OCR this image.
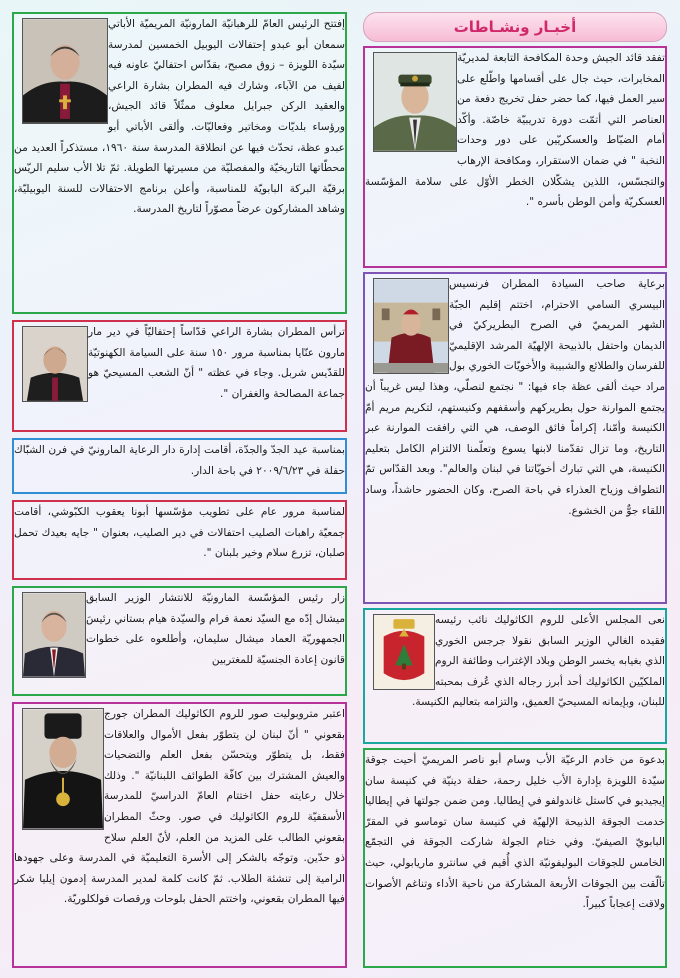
أخبـار ونشـاطات

تفقد قائد الجيش وحدة المكافحة التابعة لمديريّة المخابرات، حيث جال على أقسامها واطّلع على سير العمل فيها، كما حضر حفل تخريج دفعة من العناصر التي أتمّت دورة تدريبيّة خاصّة. وأكّد أمام الضبّاط والعسكريّين على دور وحدات النخبة " في ضمان الاستقرار، ومكافحة الإرهاب والتجسّس، اللذين يشكّلان الخطر الأوّل على سلامة المؤسّسة العسكريّة وأمن الوطن بأسره ".

برعاية صاحب السيادة المطران فرنسيس البيسري السامي الاحترام، اختتم إقليم الجبّة الشهر المريميّ في الصرح البطريركيّ في الديمان واحتفل بالذبيحة الإلهيّة المرشد الإقليميّ للفرسان والطلائع والشبيبة والأخويّات الخوري بول مراد حيث ألقى عظة جاء فيها: " نجتمع لنصلّي، وهذا ليس غريباً أن يجتمع الموارنة حول بطريركهم وأسقفهم وكنيستهم، لتكريم مريم أمّ الكنيسة وأمّنا، إكراماً فائق الوصف، هي التي رافقت الموارنة عبر التاريخ، وما تزال تقدّمنا لابنها يسوع وتعلّمنا الالتزام الكامل بتعليم الكنيسة، هي التي تبارك أخويّاتنا في لبنان والعالم". وبعد القدّاس تمّ التطواف وزياح العذراء في باحة الصرح، وكان الحضور حاشداً، وساد اللقاء جوٌّ من الخشوع.

نعى المجلس الأعلى للروم الكاثوليك نائب رئيسه فقيده الغالي الوزير السابق نقولا جرجس الخوري الذي بغيابه يخسر الوطن وبلاد الإغتراب وطائفة الروم الملكيّين الكاثوليك أحد أبرز رجاله الذي عُرف بمحبته للبنان، وبإيمانه المسيحيّ العميق، والتزامه بتعاليم الكنيسة.

بدعوة من خادم الرعيّة الأب وسام أبو ناصر المريميّ أحيت جوقة سيّدة اللويزة بإدارة الأب خليل رحمة، حفلة دينيّة في كنيسة سان إيجيديو في كاستل غاندولفو في إيطاليا. ومن ضمن جولتها في إيطاليا خدمت الجوقة الذبيحة الإلهيّة في كنيسة سان توماسو في المقرّ البابويّ الصيفيّ. وفي ختام الجولة شاركت الجوقة في التجمّع الخامس للجوقات البوليفونيّة الذي أُقيم في سانترو ماريابولي، حيث تألّقت بين الجوقات الأربعة المشاركة من ناحية الأداء وتناغم الأصوات ولاقت إعجاباً كبيراً.

إفتتح الرئيس العامّ للرهبانيّة المارونيّة المريميّة الأباتي سمعان أبو عبدو إحتفالات اليوبيل الخمسين لمدرسة سيّدة اللويزة – زوق مصبح، بقدّاس احتفاليّ عاونه فيه لفيف من الآباء، وشارك فيه المطران بشارة الراعي والعقيد الركن جبرايل معلوف ممثّلاً قائد الجيش، ورؤساء بلديّات ومخاتير وفعاليّات. وألقى الأباتي أبو عبدو عظة، تحدّث فيها عن انطلاقة المدرسة سنة ١٩٦٠، مستذكراً العديد من محطّاتها التاريخيّة والمفصليّة من مسيرتها الطويلة. ثمّ تلا الأب سليم الريّس برقيّة البركة البابويّة للمناسبة، وأعلن برنامج الاحتفالات للسنة اليوبيليّة، وشاهد المشاركون عرضاً مصوّراً لتاريخ المدرسة.

ترأس المطران بشارة الراعي قدّاساً إحتفاليّاً في دير مار مارون عنّايا بمناسبة مرور ١٥٠ سنة على السيامة الكهنوتيّة للقدّيس شربل. وجاء في عظته " أنّ الشعب المسيحيّ هو جماعة المصالحة والغفران ".

بمناسبة عيد الجدّ والجدّة، أقامت إدارة دار الرعاية المارونيّ في فرن الشبّاك حفلة في ٢٠٠٩/٦/٢٣ في باحة الدار.

لمناسبة مرور عام على تطويب مؤسّسها أبونا يعقوب الكبّوشي، أقامت جمعيّة راهبات الصليب احتفالات في دير الصليب، بعنوان " جايه بعيدك تحمل صلبان، تزرع سلام وخير بلبنان ".

زار رئيس المؤسّسة المارونيّة للانتشار الوزير السابق ميشال إدّه مع السيّد نعمة فرام والسيّدة هيام بستاني رئيسَ الجمهوريّة العماد ميشال سليمان، وأطلعوه على خطوات قانون إعادة الجنسيّة للمغتربين

اعتبر متروبوليت صور للروم الكاثوليك المطران جورج بقعوني " أنّ لبنان لن يتطوّر بفعل الأموال والعلاقات فقط، بل يتطوّر ويتحسّن بفعل العلم والتضحيات والعيش المشترك بين كافّة الطوائف اللبنانيّة ". وذلك خلال رعايته حفل اختتام العامّ الدراسيّ للمدرسة الأسقفيّة للروم الكاثوليك في صور. وحثّ المطران بقعوني الطالب على المزيد من العلم، لأنّ العلم سلاح ذو حدّين. وتوجّه بالشكر إلى الأسرة التعليميّة في المدرسة وعلى جهودها الرامية إلى تنشئة الطلاب. ثمّ كانت كلمة لمدير المدرسة إدمون إيليا شكر فيها المطران بقعوني، واختتم الحفل بلوحات ورقصات فولكلوريّة.
